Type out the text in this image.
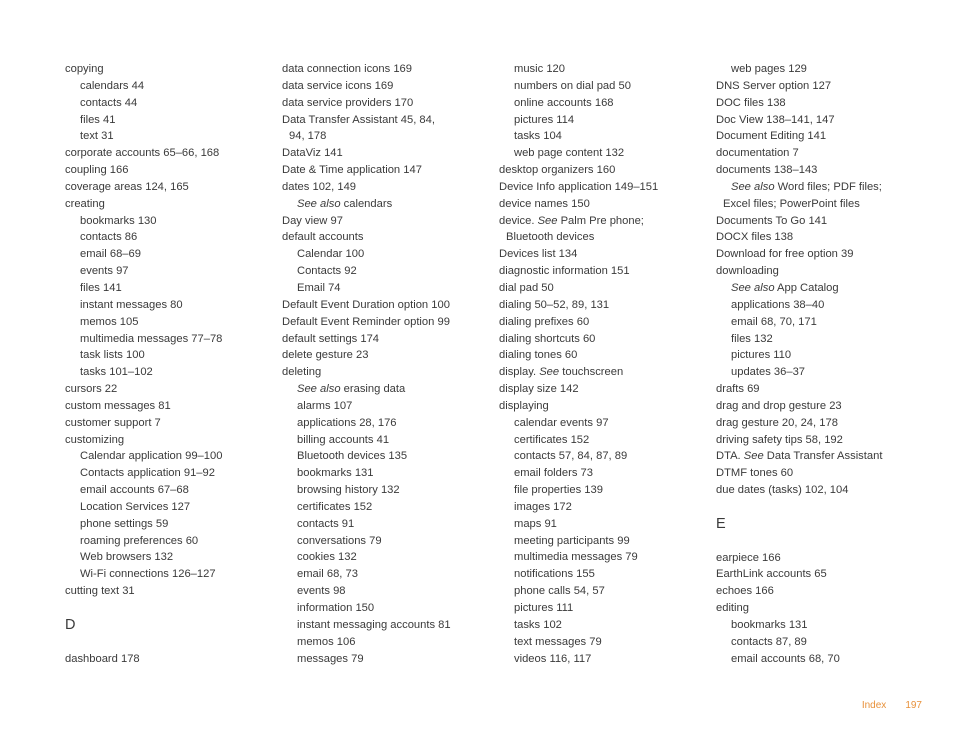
copying
calendars 44
contacts 44
files 41
text 31
corporate accounts 65–66, 168
coupling 166
coverage areas 124, 165
creating
bookmarks 130
contacts 86
email 68–69
events 97
files 141
instant messages 80
memos 105
multimedia messages 77–78
task lists 100
tasks 101–102
cursors 22
custom messages 81
customer support 7
customizing
Calendar application 99–100
Contacts application 91–92
email accounts 67–68
Location Services 127
phone settings 59
roaming preferences 60
Web browsers 132
Wi-Fi connections 126–127
cutting text 31
D
dashboard 178
data connection icons 169
data service icons 169
data service providers 170
Data Transfer Assistant 45, 84,
94, 178
DataViz 141
Date & Time application 147
dates 102, 149
See also calendars
Day view 97
default accounts
Calendar 100
Contacts 92
Email 74
Default Event Duration option 100
Default Event Reminder option 99
default settings 174
delete gesture 23
deleting
See also erasing data
alarms 107
applications 28, 176
billing accounts 41
Bluetooth devices 135
bookmarks 131
browsing history 132
certificates 152
contacts 91
conversations 79
cookies 132
email 68, 73
events 98
information 150
instant messaging accounts 81
memos 106
messages 79
music 120
numbers on dial pad 50
online accounts 168
pictures 114
tasks 104
web page content 132
desktop organizers 160
Device Info application 149–151
device names 150
device. See Palm Pre phone;
Bluetooth devices
Devices list 134
diagnostic information 151
dial pad 50
dialing 50–52, 89, 131
dialing prefixes 60
dialing shortcuts 60
dialing tones 60
display. See touchscreen
display size 142
displaying
calendar events 97
certificates 152
contacts 57, 84, 87, 89
email folders 73
file properties 139
images 172
maps 91
meeting participants 99
multimedia messages 79
notifications 155
phone calls 54, 57
pictures 111
tasks 102
text messages 79
videos 116, 117
web pages 129
DNS Server option 127
DOC files 138
Doc View 138–141, 147
Document Editing 141
documentation 7
documents 138–143
See also Word files; PDF files;
Excel files; PowerPoint files
Documents To Go 141
DOCX files 138
Download for free option 39
downloading
See also App Catalog
applications 38–40
email 68, 70, 171
files 132
pictures 110
updates 36–37
drafts 69
drag and drop gesture 23
drag gesture 20, 24, 178
driving safety tips 58, 192
DTA. See Data Transfer Assistant
DTMF tones 60
due dates (tasks) 102, 104
E
earpiece 166
EarthLink accounts 65
echoes 166
editing
bookmarks 131
contacts 87, 89
email accounts 68, 70
Index 197
